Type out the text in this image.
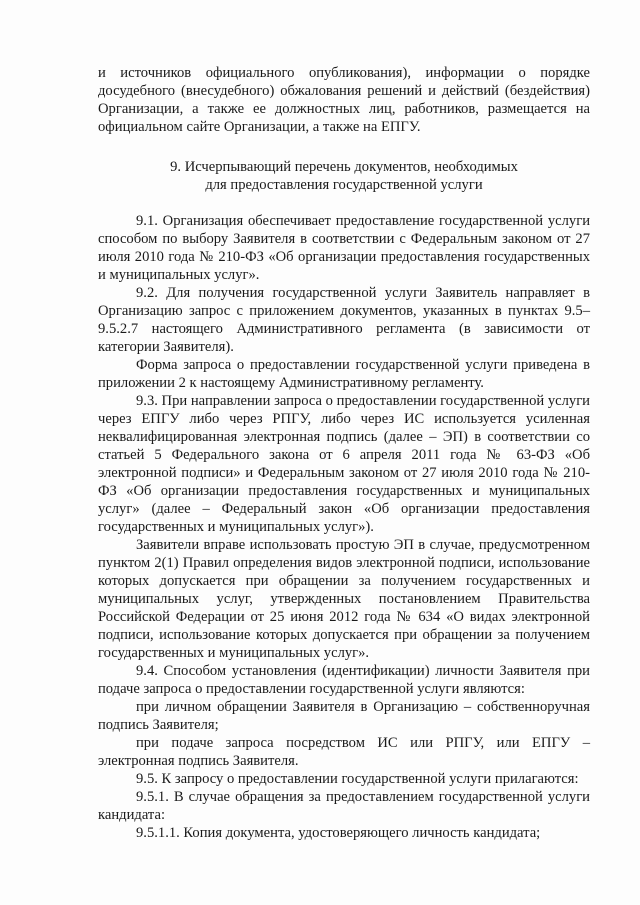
и источников официального опубликования), информации о порядке досудебного (внесудебного) обжалования решений и действий (бездействия) Организации, а также ее должностных лиц, работников, размещается на официальном сайте Организации, а также на ЕПГУ.

9. Исчерпывающий перечень документов, необходимых
для предоставления государственной услуги

9.1. Организация обеспечивает предоставление государственной услуги способом по выбору Заявителя в соответствии с Федеральным законом от 27 июля 2010 года № 210-ФЗ «Об организации предоставления государственных и муниципальных услуг».

9.2. Для получения государственной услуги Заявитель направляет в Организацию запрос с приложением документов, указанных в пунктах 9.5–9.5.2.7 настоящего Административного регламента (в зависимости от категории Заявителя).

Форма запроса о предоставлении государственной услуги приведена в приложении 2 к настоящему Административному регламенту.

9.3. При направлении запроса о предоставлении государственной услуги через ЕПГУ либо через РПГУ, либо через ИС используется усиленная неквалифицированная электронная подпись (далее – ЭП) в соответствии со статьей 5 Федерального закона от 6 апреля 2011 года № 63-ФЗ «Об электронной подписи» и Федеральным законом от 27 июля 2010 года № 210-ФЗ «Об организации предоставления государственных и муниципальных услуг» (далее – Федеральный закон «Об организации предоставления государственных и муниципальных услуг»).

Заявители вправе использовать простую ЭП в случае, предусмотренном пунктом 2(1) Правил определения видов электронной подписи, использование которых допускается при обращении за получением государственных и муниципальных услуг, утвержденных постановлением Правительства Российской Федерации от 25 июня 2012 года № 634 «О видах электронной подписи, использование которых допускается при обращении за получением государственных и муниципальных услуг».

9.4. Способом установления (идентификации) личности Заявителя при подаче запроса о предоставлении государственной услуги являются:

при личном обращении Заявителя в Организацию – собственноручная подпись Заявителя;

при подаче запроса посредством ИС или РПГУ, или ЕПГУ – электронная подпись Заявителя.

9.5. К запросу о предоставлении государственной услуги прилагаются:

9.5.1. В случае обращения за предоставлением государственной услуги кандидата:

9.5.1.1. Копия документа, удостоверяющего личность кандидата;
